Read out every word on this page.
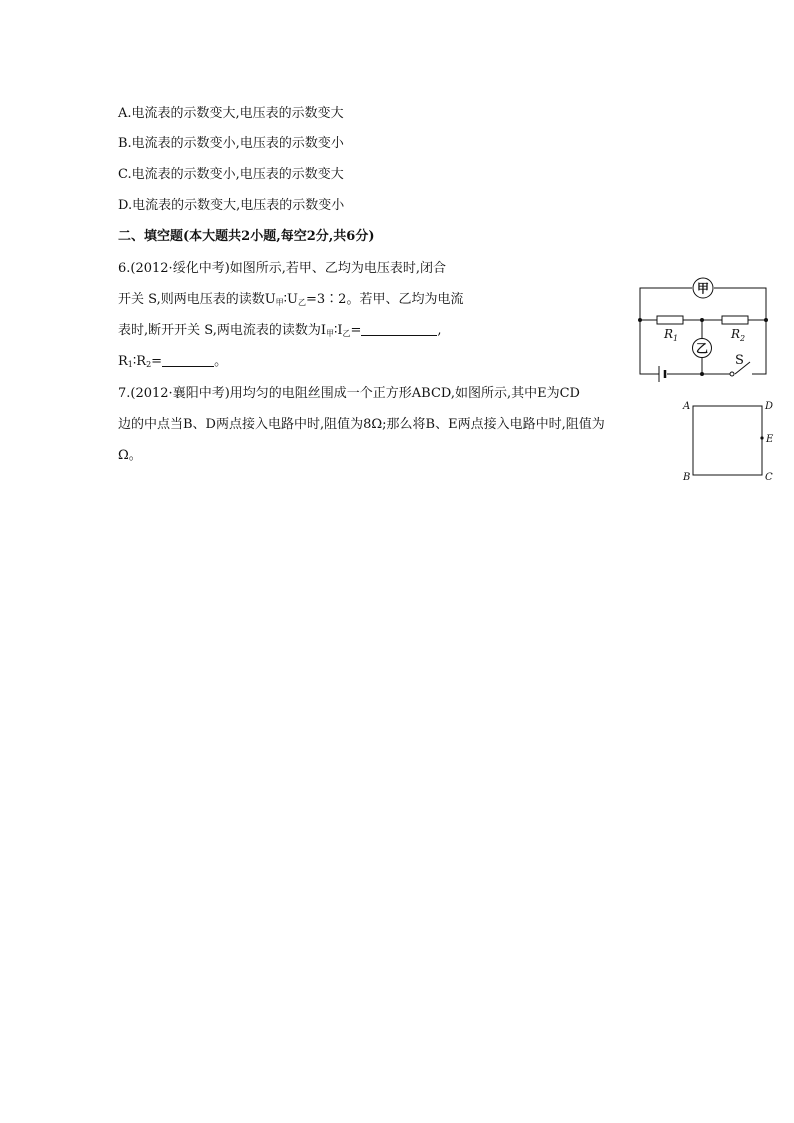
A.电流表的示数变大,电压表的示数变大
B.电流表的示数变小,电压表的示数变小
C.电流表的示数变小,电压表的示数变大
D.电流表的示数变大,电压表的示数变小
二、填空题(本大题共2小题,每空2分,共6分)
6.(2012·绥化中考)如图所示,若甲、乙均为电压表时,闭合
开关 S,则两电压表的读数$U_甲∶U_乙=3∶2$。若甲、乙均为电流
表时,断开开关 S,两电流表的读数为$I_甲∶I_乙=$	,
$R_1∶R_2=$	。
7.(2012·襄阳中考)用均匀的电阻丝围成一个正方形ABCD,如图所示,其中E为CD
边的中点当B、D两点接入电路中时,阻值为8Ω;那么将B、E两点接入电路中时,阻值为
Ω。
甲
乙
$R_1$	$R_2$
S
A	D
E
B	C
